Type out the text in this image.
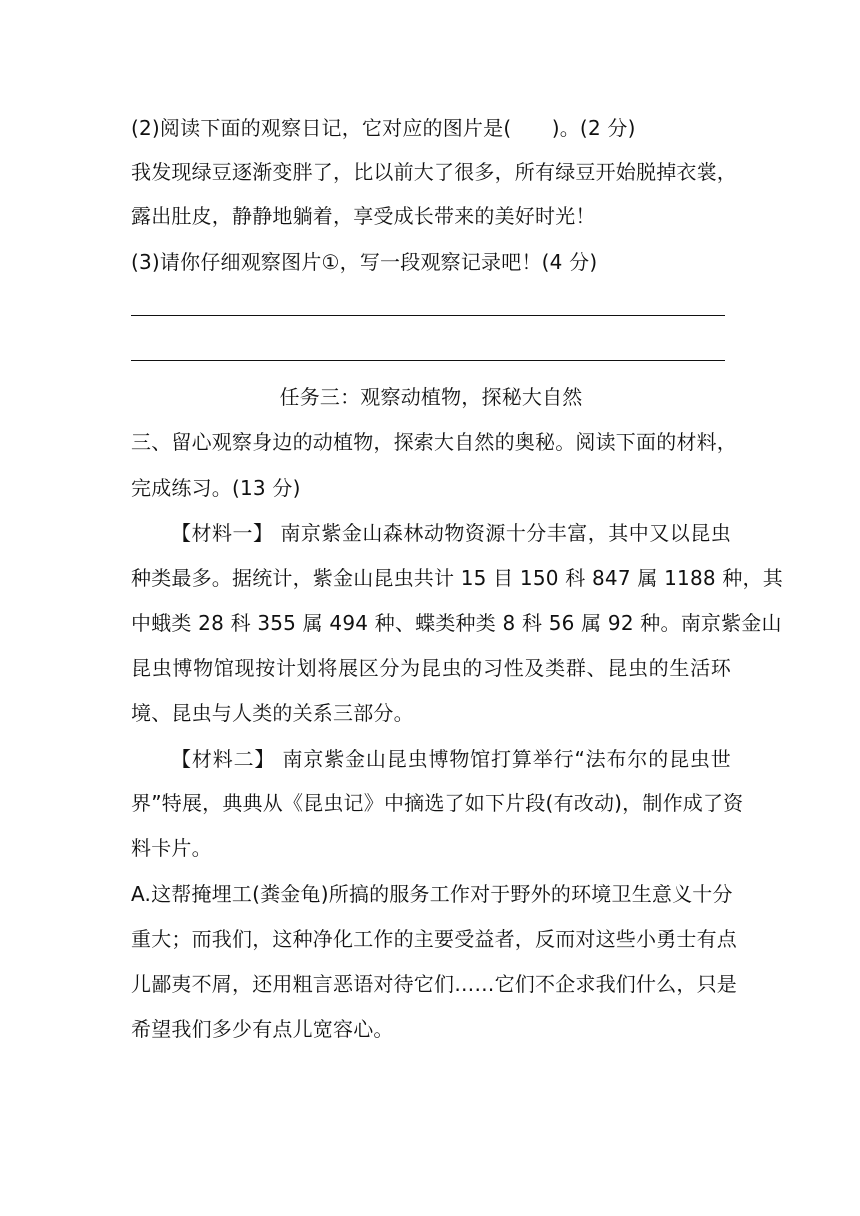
(2)阅读下面的观察日记，它对应的图片是(　　)。(2 分)
我发现绿豆逐渐变胖了，比以前大了很多，所有绿豆开始脱掉衣裳，
露出肚皮，静静地躺着，享受成长带来的美好时光！
(3)请你仔细观察图片①，写一段观察记录吧！(4 分)
任务三：观察动植物，探秘大自然
三、留心观察身边的动植物，探索大自然的奥秘。阅读下面的材料，
完成练习。(13 分)
【材料一】 南京紫金山森林动物资源十分丰富，其中又以昆虫
种类最多。据统计，紫金山昆虫共计 15 目 150 科 847 属 1188 种，其
中蛾类 28 科 355 属 494 种、蝶类种类 8 科 56 属 92 种。南京紫金山
昆虫博物馆现按计划将展区分为昆虫的习性及类群、昆虫的生活环
境、昆虫与人类的关系三部分。
【材料二】 南京紫金山昆虫博物馆打算举行“法布尔的昆虫世
界”特展，典典从《昆虫记》中摘选了如下片段(有改动)，制作成了资
料卡片。
A.这帮掩埋工(粪金龟)所搞的服务工作对于野外的环境卫生意义十分
重大；而我们，这种净化工作的主要受益者，反而对这些小勇士有点
儿鄙夷不屑，还用粗言恶语对待它们……它们不企求我们什么，只是
希望我们多少有点儿宽容心。
